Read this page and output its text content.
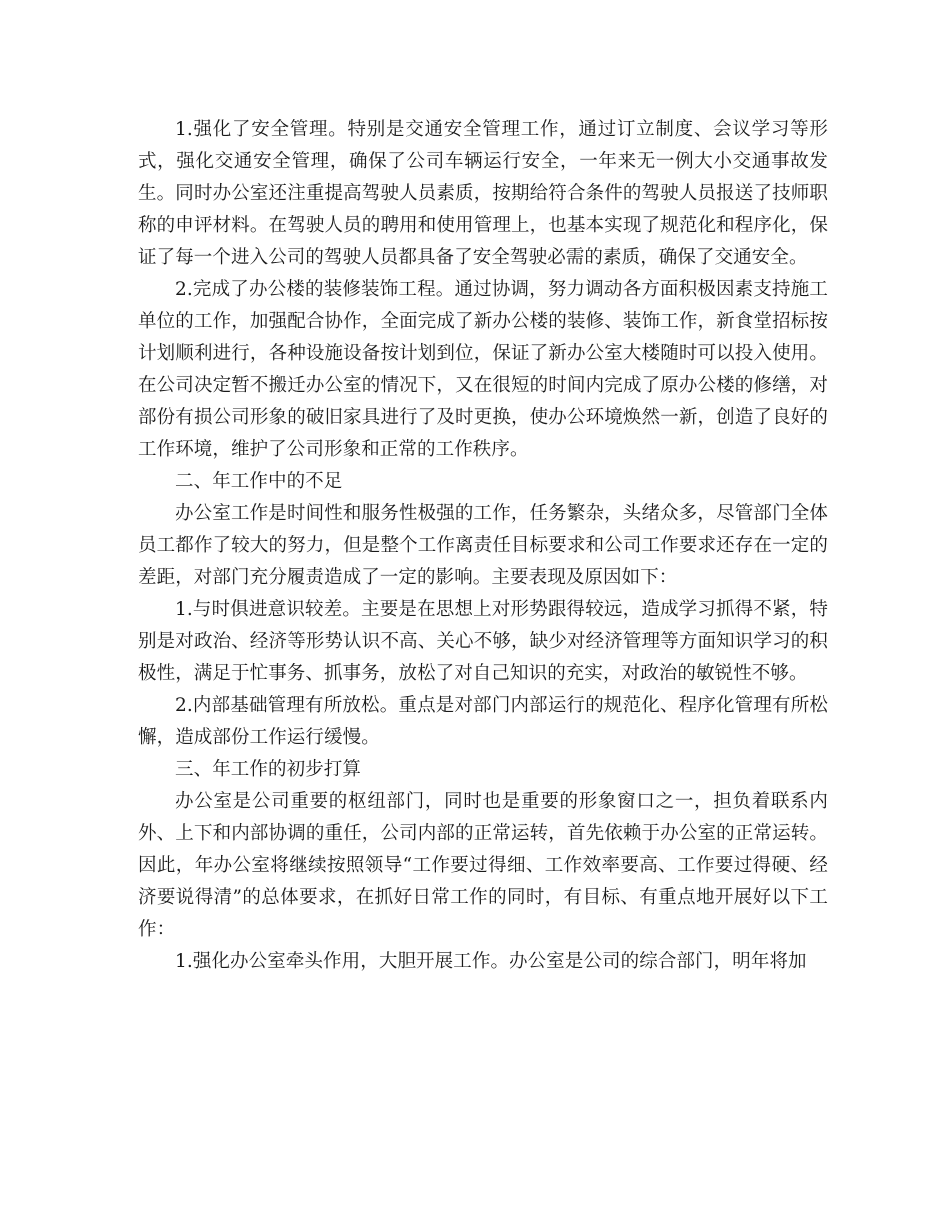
1.强化了安全管理。特别是交通安全管理工作，通过订立制度、会议学习等形式，强化交通安全管理，确保了公司车辆运行安全，一年来无一例大小交通事故发生。同时办公室还注重提高驾驶人员素质，按期给符合条件的驾驶人员报送了技师职称的申评材料。在驾驶人员的聘用和使用管理上，也基本实现了规范化和程序化，保证了每一个进入公司的驾驶人员都具备了安全驾驶必需的素质，确保了交通安全。

2.完成了办公楼的装修装饰工程。通过协调，努力调动各方面积极因素支持施工单位的工作，加强配合协作，全面完成了新办公楼的装修、装饰工作，新食堂招标按计划顺利进行，各种设施设备按计划到位，保证了新办公室大楼随时可以投入使用。在公司决定暂不搬迁办公室的情况下，又在很短的时间内完成了原办公楼的修缮，对部份有损公司形象的破旧家具进行了及时更换，使办公环境焕然一新，创造了良好的工作环境，维护了公司形象和正常的工作秩序。

二、年工作中的不足

办公室工作是时间性和服务性极强的工作，任务繁杂，头绪众多，尽管部门全体员工都作了较大的努力，但是整个工作离责任目标要求和公司工作要求还存在一定的差距，对部门充分履责造成了一定的影响。主要表现及原因如下：

1.与时俱进意识较差。主要是在思想上对形势跟得较远，造成学习抓得不紧，特别是对政治、经济等形势认识不高、关心不够，缺少对经济管理等方面知识学习的积极性，满足于忙事务、抓事务，放松了对自己知识的充实，对政治的敏锐性不够。

2.内部基础管理有所放松。重点是对部门内部运行的规范化、程序化管理有所松懈，造成部份工作运行缓慢。

三、年工作的初步打算

办公室是公司重要的枢纽部门，同时也是重要的形象窗口之一，担负着联系内外、上下和内部协调的重任，公司内部的正常运转，首先依赖于办公室的正常运转。因此，年办公室将继续按照领导“工作要过得细、工作效率要高、工作要过得硬、经济要说得清”的总体要求，在抓好日常工作的同时，有目标、有重点地开展好以下工作：

1.强化办公室牵头作用，大胆开展工作。办公室是公司的综合部门，明年将加
